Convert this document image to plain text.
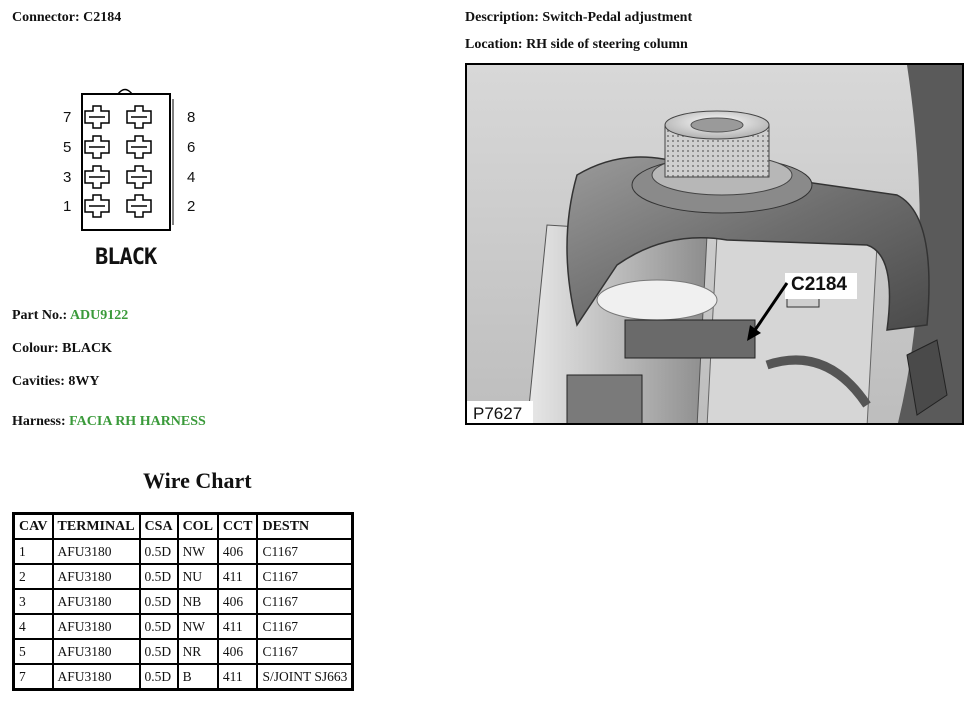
Connector: C2184	Description: Switch-Pedal adjustment
Location: RH side of steering column
7
5
3
1
8
6
4
2
BLACK
Part No.: ADU9122
Colour: BLACK
Cavities: 8WY
Harness: FACIA RH HARNESS
Wire Chart
CAV	TERMINAL	CSA	COL	CCT	DESTN
1	AFU3180	0.5D	NW	406	C1167
2	AFU3180	0.5D	NU	411	C1167
3	AFU3180	0.5D	NB	406	C1167
4	AFU3180	0.5D	NW	411	C1167
5	AFU3180	0.5D	NR	406	C1167
7	AFU3180	0.5D	B	411	S/JOINT SJ663
C2184
P7627
